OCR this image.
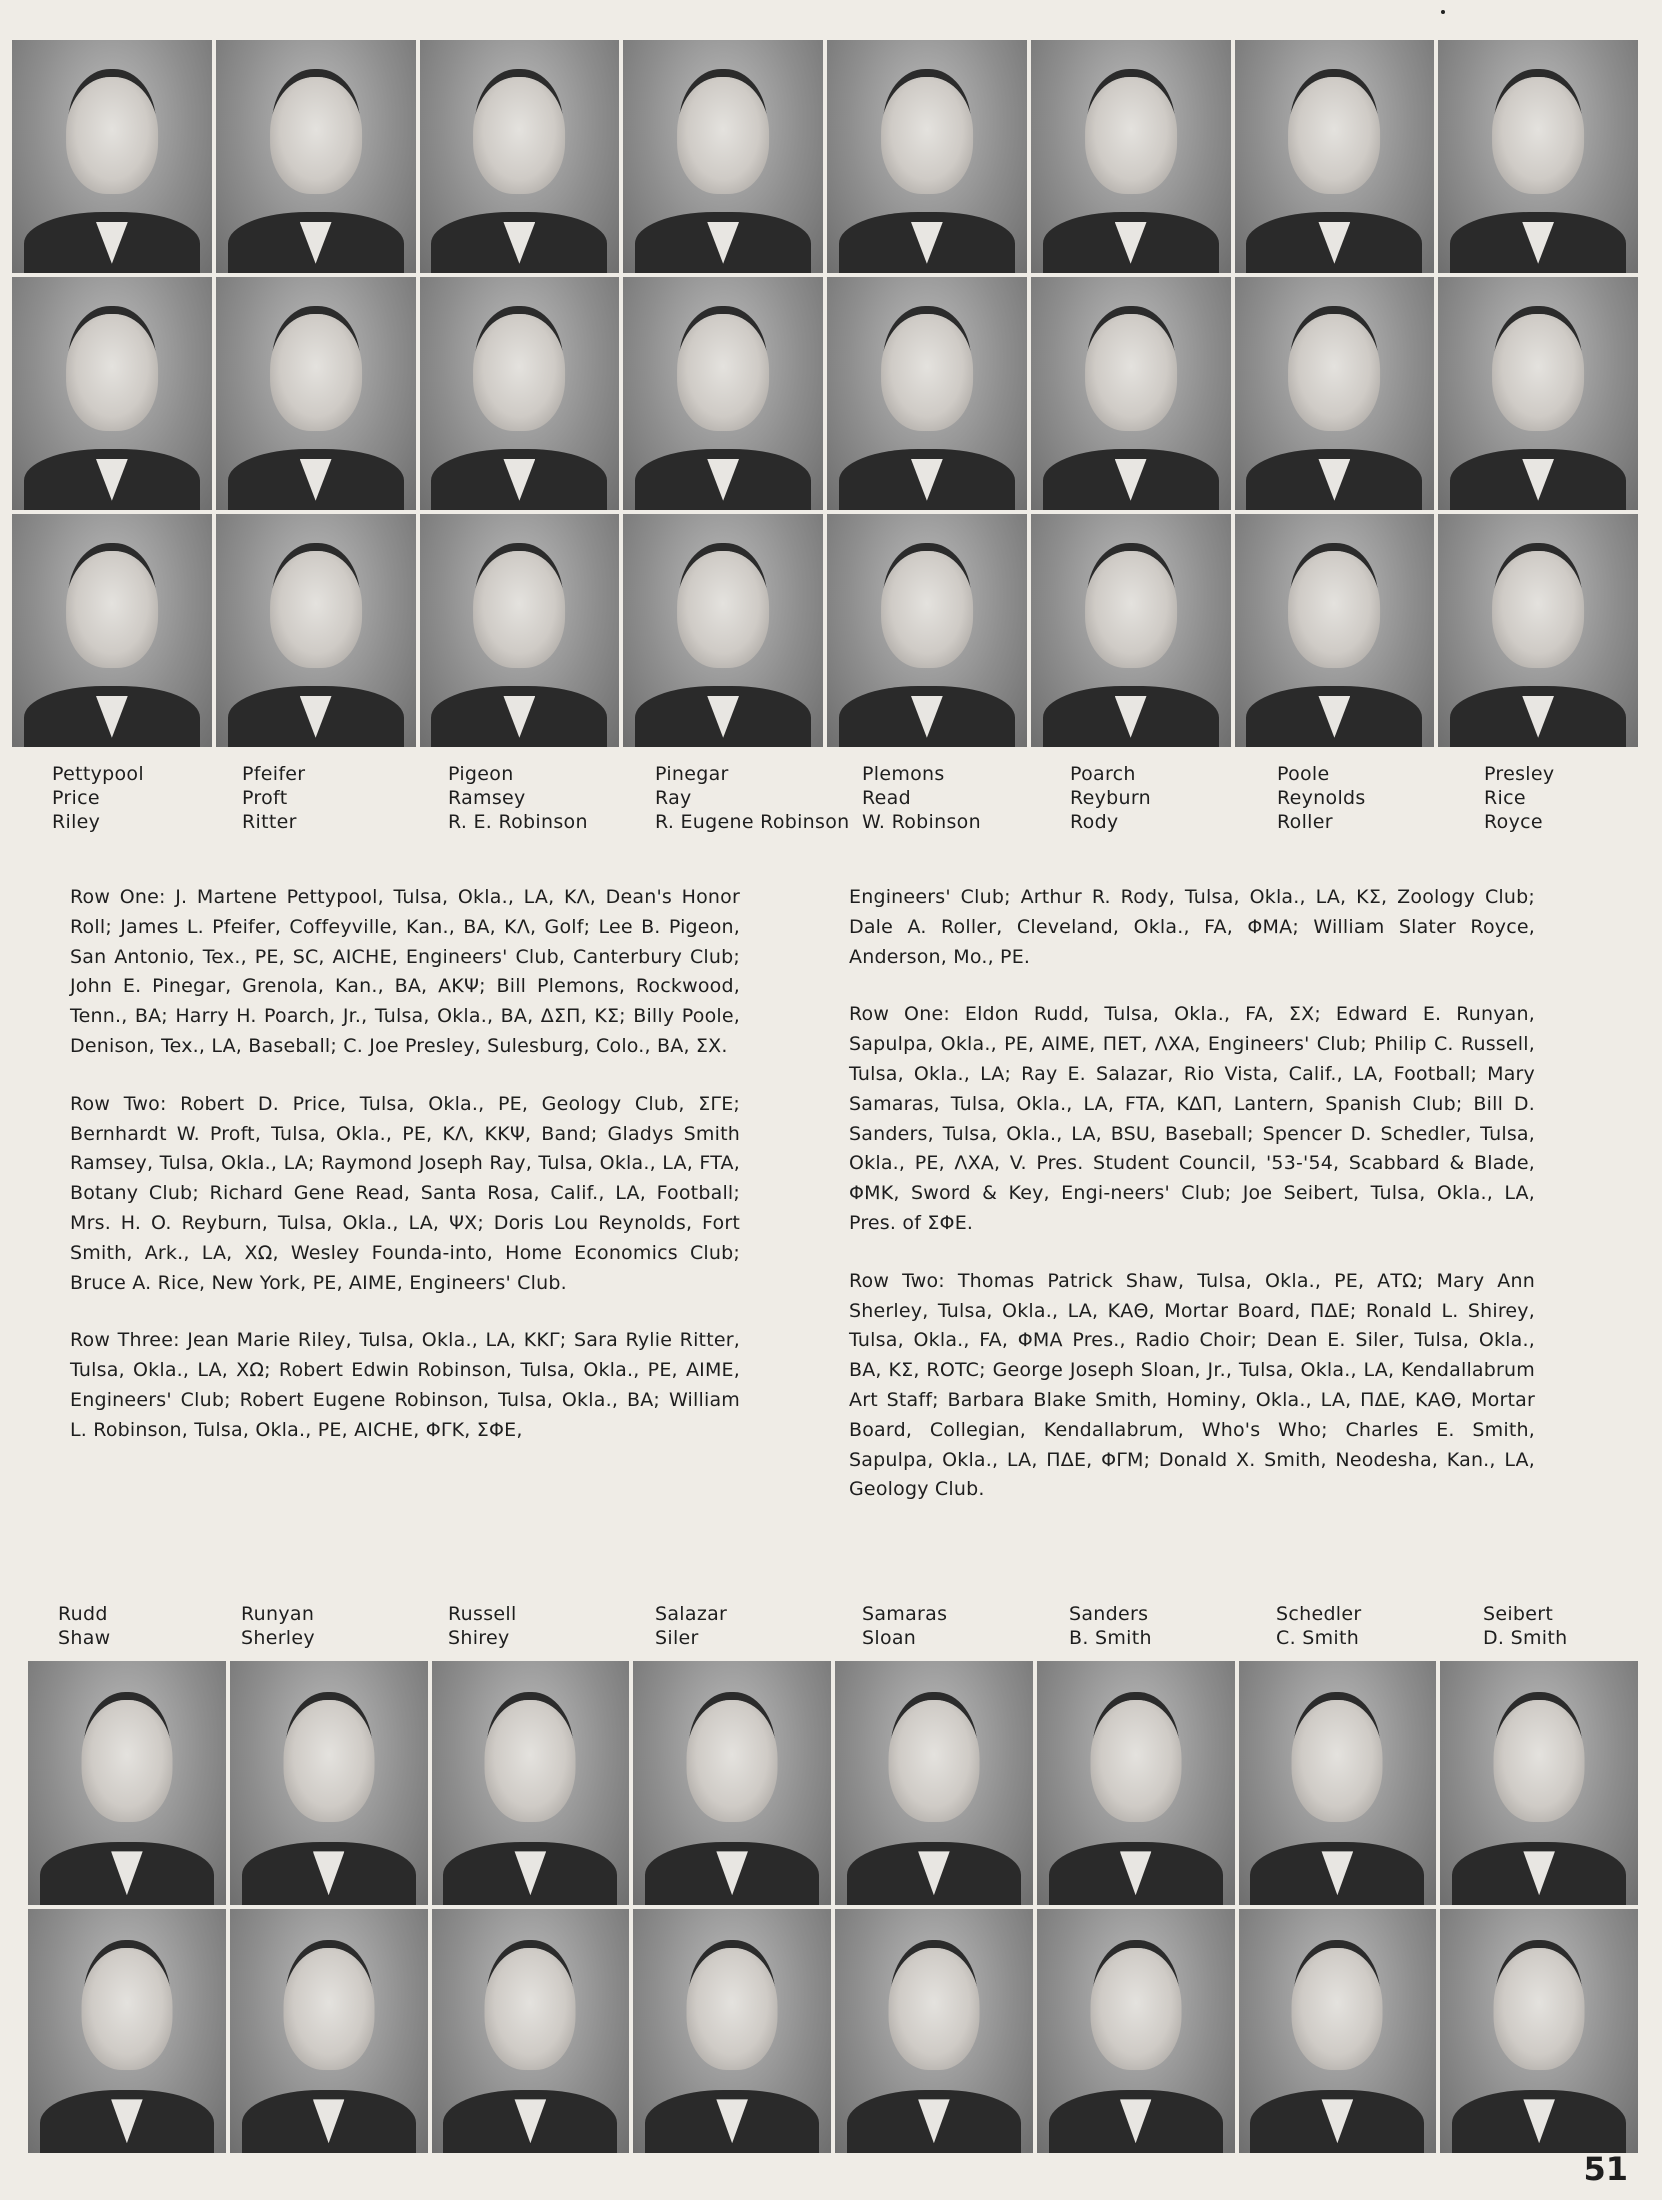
Pettypool
Price
Riley
Pfeifer
Proft
Ritter
Pigeon
Ramsey
R. E. Robinson
Pinegar
Ray
R. Eugene Robinson
Plemons
Read
W. Robinson
Poarch
Reyburn
Rody
Poole
Reynolds
Roller
Presley
Rice
Royce

Row One: J. Martene Pettypool, Tulsa, Okla., LA, ΚΛ, Dean's Honor Roll; James L. Pfeifer, Coffeyville, Kan., BA, ΚΛ, Golf; Lee B. Pigeon, San Antonio, Tex., PE, SC, AICHE, Engineers' Club, Canterbury Club; John E. Pinegar, Grenola, Kan., BA, ΑΚΨ; Bill Plemons, Rockwood, Tenn., BA; Harry H. Poarch, Jr., Tulsa, Okla., BA, ΔΣΠ, ΚΣ; Billy Poole, Denison, Tex., LA, Baseball; C. Joe Presley, Sulesburg, Colo., BA, ΣΧ.

Row Two: Robert D. Price, Tulsa, Okla., PE, Geology Club, ΣΓΕ; Bernhardt W. Proft, Tulsa, Okla., PE, ΚΛ, ΚΚΨ, Band; Gladys Smith Ramsey, Tulsa, Okla., LA; Raymond Joseph Ray, Tulsa, Okla., LA, FTA, Botany Club; Richard Gene Read, Santa Rosa, Calif., LA, Football; Mrs. H. O. Reyburn, Tulsa, Okla., LA, ΨΧ; Doris Lou Reynolds, Fort Smith, Ark., LA, ΧΩ, Wesley Founda-into, Home Economics Club; Bruce A. Rice, New York, PE, AIME, Engineers' Club.

Row Three: Jean Marie Riley, Tulsa, Okla., LA, ΚΚΓ; Sara Rylie Ritter, Tulsa, Okla., LA, ΧΩ; Robert Edwin Robinson, Tulsa, Okla., PE, AIME, Engineers' Club; Robert Eugene Robinson, Tulsa, Okla., BA; William L. Robinson, Tulsa, Okla., PE, AICHE, ΦΓΚ, ΣΦΕ,

Engineers' Club; Arthur R. Rody, Tulsa, Okla., LA, ΚΣ, Zoology Club; Dale A. Roller, Cleveland, Okla., FA, ΦΜΑ; William Slater Royce, Anderson, Mo., PE.

Row One: Eldon Rudd, Tulsa, Okla., FA, ΣΧ; Edward E. Runyan, Sapulpa, Okla., PE, AIME, ΠΕΤ, ΛΧΑ, Engineers' Club; Philip C. Russell, Tulsa, Okla., LA; Ray E. Salazar, Rio Vista, Calif., LA, Football; Mary Samaras, Tulsa, Okla., LA, FTA, ΚΔΠ, Lantern, Spanish Club; Bill D. Sanders, Tulsa, Okla., LA, BSU, Baseball; Spencer D. Schedler, Tulsa, Okla., PE, ΛΧΑ, V. Pres. Student Council, '53-'54, Scabbard & Blade, ΦΜΚ, Sword & Key, Engi-neers' Club; Joe Seibert, Tulsa, Okla., LA, Pres. of ΣΦΕ.

Row Two: Thomas Patrick Shaw, Tulsa, Okla., PE, ΑΤΩ; Mary Ann Sherley, Tulsa, Okla., LA, ΚΑΘ, Mortar Board, ΠΔΕ; Ronald L. Shirey, Tulsa, Okla., FA, ΦΜΑ Pres., Radio Choir; Dean E. Siler, Tulsa, Okla., BA, ΚΣ, ROTC; George Joseph Sloan, Jr., Tulsa, Okla., LA, Kendallabrum Art Staff; Barbara Blake Smith, Hominy, Okla., LA, ΠΔΕ, ΚΑΘ, Mortar Board, Collegian, Kendallabrum, Who's Who; Charles E. Smith, Sapulpa, Okla., LA, ΠΔΕ, ΦΓΜ; Donald X. Smith, Neodesha, Kan., LA, Geology Club.

Rudd
Shaw
Runyan
Sherley
Russell
Shirey
Salazar
Siler
Samaras
Sloan
Sanders
B. Smith
Schedler
C. Smith
Seibert
D. Smith
51
